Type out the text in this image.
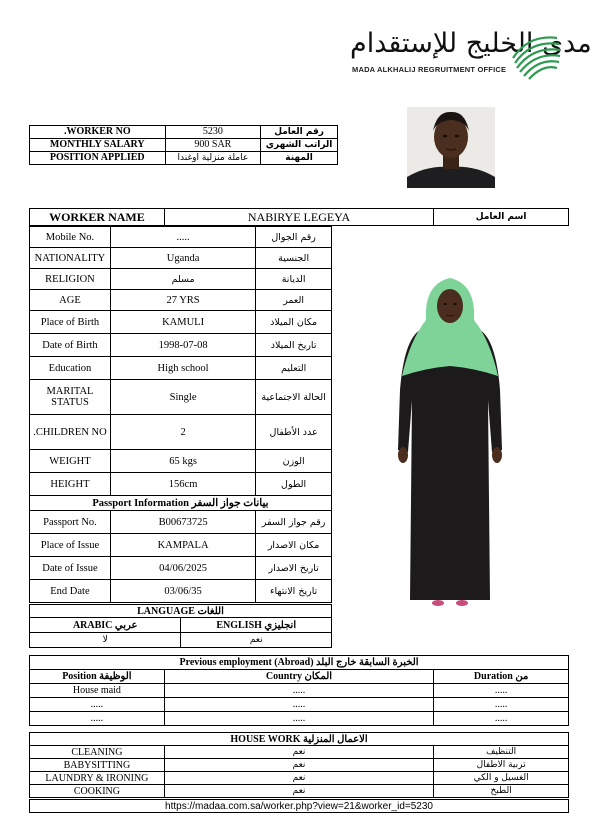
مدى الخليج للإستقدام
MADA ALKHALIJ REGRUITMENT OFFICE
.WORKER NO	5230	رقم العامل
MONTHLY SALARY	900 SAR	الراتب الشهري
POSITION APPLIED	عاملة منزلية اوغندا	المهنة
WORKER NAME	NABIRYE LEGEYA	اسم العامل
Mobile No.	.....	رقم الجوال
NATIONALITY	Uganda	الجنسية
RELIGION	مسلم	الديانة
AGE	27 YRS	العمر
Place of Birth	KAMULI	مكان الميلاد
Date of Birth	1998-07-08	تاريخ الميلاد
Education	High school	التعليم
MARITAL STATUS	Single	الحالة الاجتماعية
.CHILDREN NO	2	عدد الأطفال
WEIGHT	65 kgs	الوزن
HEIGHT	156cm	الطول
Passport Information بيانات جواز السفر		
Passport No.	B00673725	رقم جواز السفر
Place of Issue	KAMPALA	مكان الاصدار
Date of Issue	04/06/2025	تاريخ الاصدار
End Date	03/06/35	تاريخ الانتهاء
LANGUAGE اللغات	
ARABIC عربي	ENGLISH انجليزي
لا	نعم
Previous employment (Abroad) الخبرة السابقة خارج البلد		
Position الوظيفة	Country المكان	Duration من
House maid	.....	.....
.....	.....	.....
.....	.....	.....
HOUSE WORK الاعمال المنزلية		
CLEANING	نعم	التنظيف
BABYSITTING	نعم	تربية الاطفال
LAUNDRY & IRONING	نعم	الغسيل و الكي
COOKING	نعم	الطبخ
https://madaa.com.sa/worker.php?view=21&worker_id=5230
